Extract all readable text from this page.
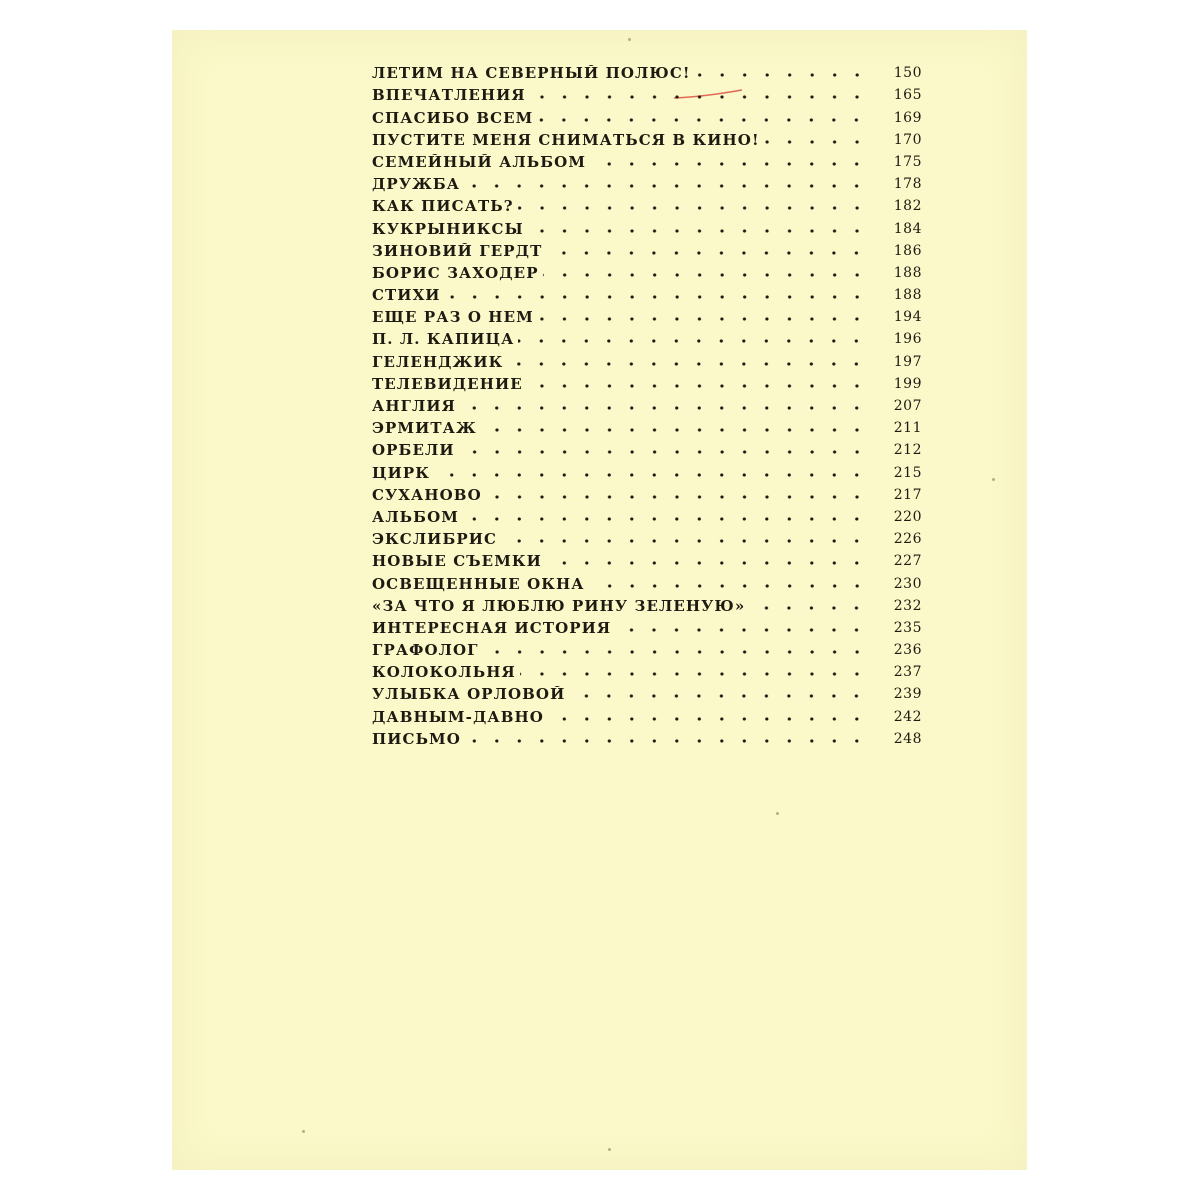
ЛЕТИМ НА СЕВЕРНЫЙ ПОЛЮС!	150
ВПЕЧАТЛЕНИЯ	165
СПАСИБО ВСЕМ	169
ПУСТИТЕ МЕНЯ СНИМАТЬСЯ В КИНО!	170
СЕМЕЙНЫЙ АЛЬБОМ	175
ДРУЖБА	178
КАК ПИСАТЬ?	182
КУКРЫНИКСЫ	184
ЗИНОВИЙ ГЕРДТ	186
БОРИС ЗАХОДЕР	188
СТИХИ	188
ЕЩЕ РАЗ О НЕМ	194
П. Л. КАПИЦА	196
ГЕЛЕНДЖИК	197
ТЕЛЕВИДЕНИЕ	199
АНГЛИЯ	207
ЭРМИТАЖ	211
ОРБЕЛИ	212
ЦИРК	215
СУХАНОВО	217
АЛЬБОМ	220
ЭКСЛИБРИС	226
НОВЫЕ СЪЕМКИ	227
ОСВЕЩЕННЫЕ ОКНА	230
«ЗА ЧТО Я ЛЮБЛЮ РИНУ ЗЕЛЕНУЮ»	232
ИНТЕРЕСНАЯ ИСТОРИЯ	235
ГРАФОЛОГ	236
КОЛОКОЛЬНЯ	237
УЛЫБКА ОРЛОВОЙ	239
ДАВНЫМ-ДАВНО	242
ПИСЬМО	248
